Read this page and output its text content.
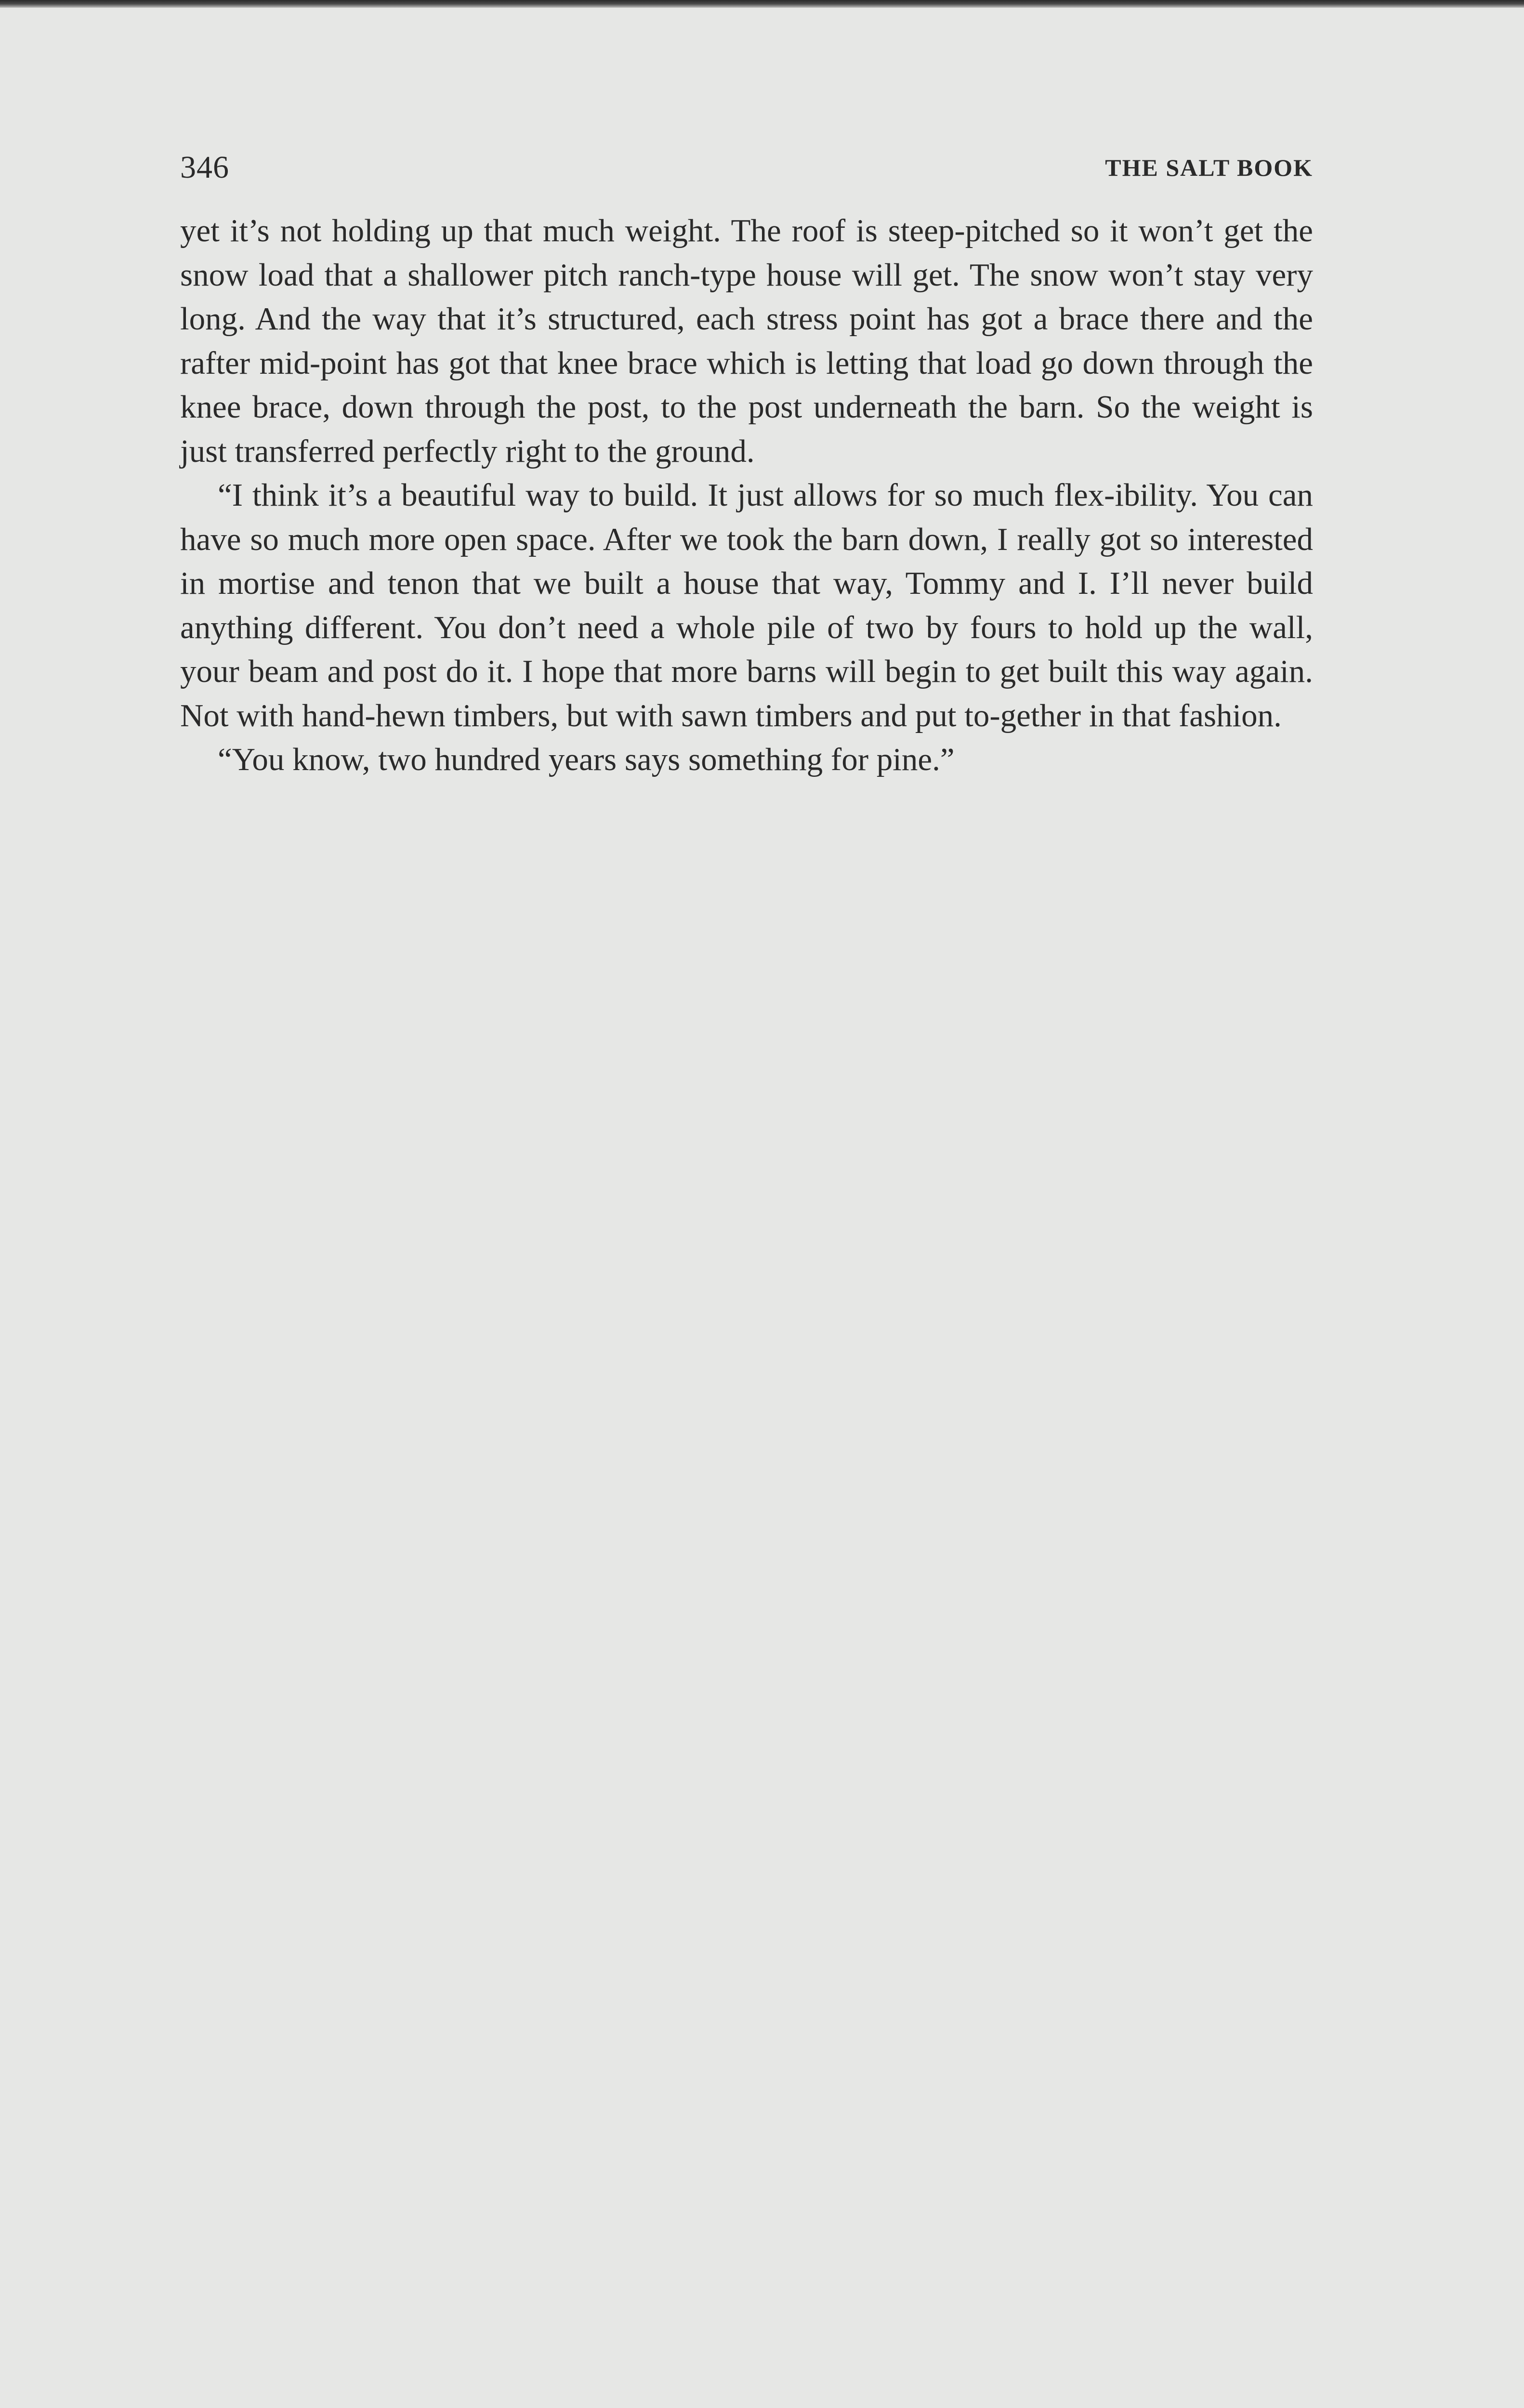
346	THE SALT BOOK

yet it’s not holding up that much weight. The roof is steep-pitched so it won’t get the snow load that a shallower pitch ranch-type house will get. The snow won’t stay very long. And the way that it’s structured, each stress point has got a brace there and the rafter mid-point has got that knee brace which is letting that load go down through the knee brace, down through the post, to the post underneath the barn. So the weight is just transferred perfectly right to the ground.

“I think it’s a beautiful way to build. It just allows for so much flex-ibility. You can have so much more open space. After we took the barn down, I really got so interested in mortise and tenon that we built a house that way, Tommy and I. I’ll never build anything different. You don’t need a whole pile of two by fours to hold up the wall, your beam and post do it. I hope that more barns will begin to get built this way again. Not with hand-hewn timbers, but with sawn timbers and put to-gether in that fashion.

“You know, two hundred years says something for pine.”
